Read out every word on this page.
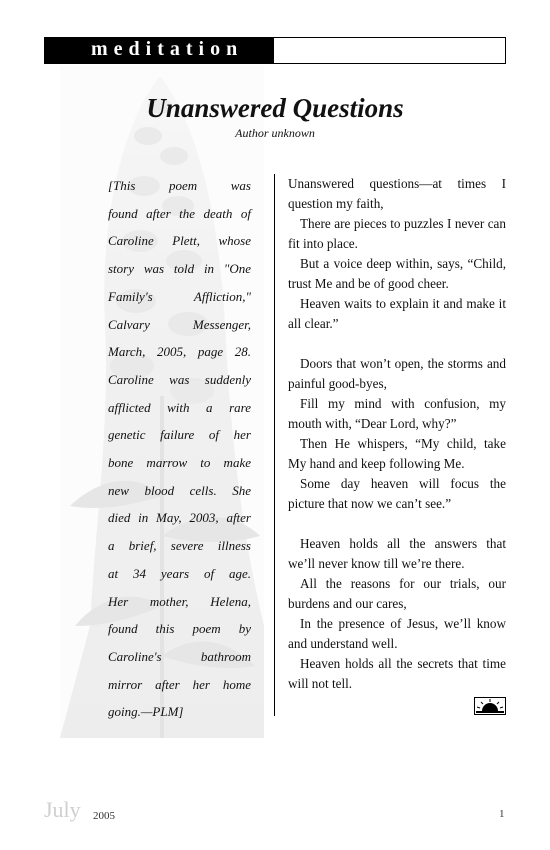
meditation
Unanswered Questions
Author unknown
[This poem was
found after the death of
Caroline Plett, whose
story was told in "One
Family's Affliction,"
Calvary Messenger,
March, 2005, page 28.
Caroline was suddenly
afflicted with a rare
genetic failure of her
bone marrow to make
new blood cells. She
died in May, 2003, after
a brief, severe illness
at 34 years of age.
Her mother, Helena,
found this poem by
Caroline's bathroom
mirror after her home
going.—PLM]

Unanswered questions—at times I question my faith,

There are pieces to puzzles I never can fit into place.

But a voice deep within, says, “Child, trust Me and be of good cheer.

Heaven waits to explain it and make it all clear.”

Doors that won’t open, the storms and painful good-byes,

Fill my mind with confusion, my mouth with, “Dear Lord, why?”

Then He whispers, “My child, take My hand and keep following Me.

Some day heaven will focus the picture that now we can’t see.”

Heaven holds all the answers that we’ll never know till we’re there.

All the reasons for our trials, our burdens and our cares,

In the presence of Jesus, we’ll know and understand well.

Heaven holds all the secrets that time will not tell.

July 2005	1
